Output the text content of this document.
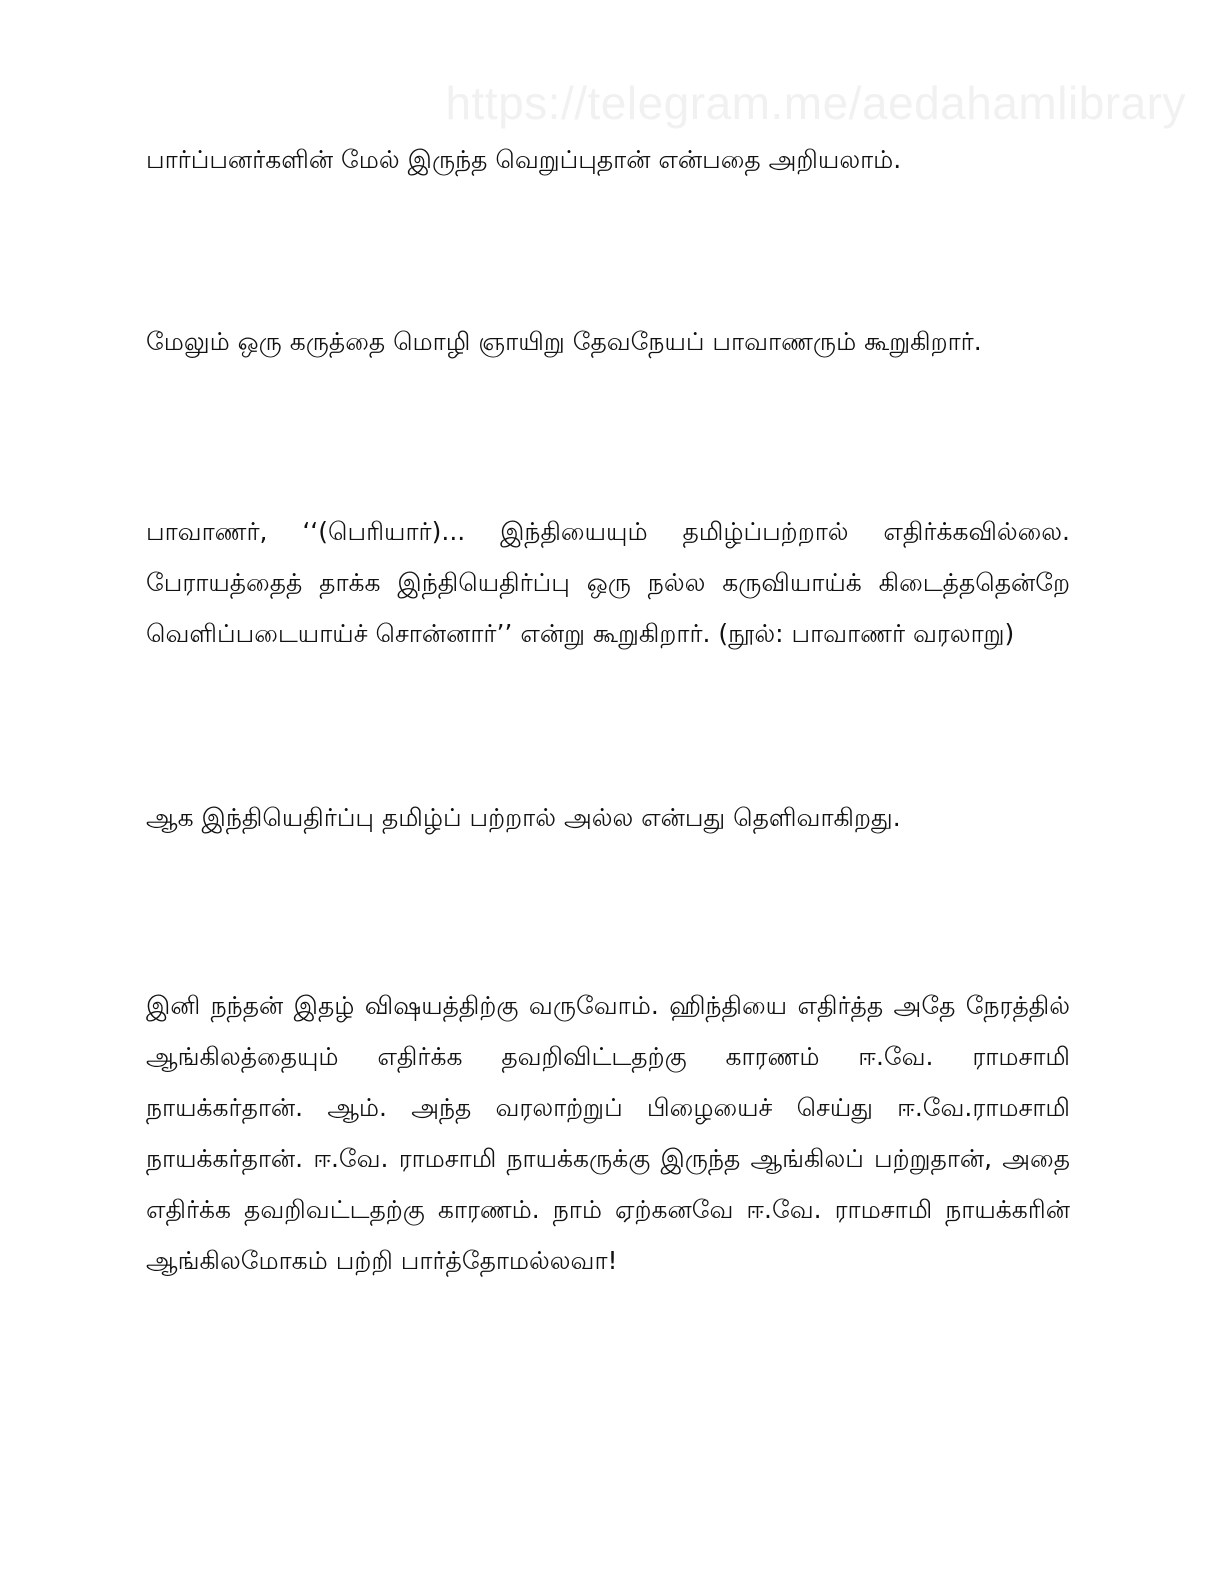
https://telegram.me/aedahamlibrary

பார்ப்பனர்களின் மேல் இருந்த வெறுப்புதான் என்பதை அறியலாம்.

மேலும் ஒரு கருத்தை மொழி ஞாயிறு தேவநேயப் பாவாணரும் கூறுகிறார்.

பாவாணர், ‘‘(பெரியார்)... இந்தியையும் தமிழ்ப்பற்றால் எதிர்க்கவில்லை. பேராயத்தைத் தாக்க இந்தியெதிர்ப்பு ஒரு நல்ல கருவியாய்க் கிடைத்ததென்றே வெளிப்படையாய்ச் சொன்னார்’’ என்று கூறுகிறார். (நூல்: பாவாணர் வரலாறு)

ஆக இந்தியெதிர்ப்பு தமிழ்ப் பற்றால் அல்ல என்பது தெளிவாகிறது.

இனி நந்தன் இதழ் விஷயத்திற்கு வருவோம். ஹிந்தியை எதிர்த்த அதே நேரத்தில் ஆங்கிலத்தையும் எதிர்க்க தவறிவிட்டதற்கு காரணம் ஈ.வே. ராமசாமி நாயக்கர்தான். ஆம். அந்த வரலாற்றுப் பிழையைச் செய்து ஈ.வே.ராமசாமி நாயக்கர்தான். ஈ.வே. ராமசாமி நாயக்கருக்கு இருந்த ஆங்கிலப் பற்றுதான், அதை எதிர்க்க தவறிவட்டதற்கு காரணம். நாம் ஏற்கனவே ஈ.வே. ராமசாமி நாயக்கரின் ஆங்கிலமோகம் பற்றி பார்த்தோமல்லவா!
